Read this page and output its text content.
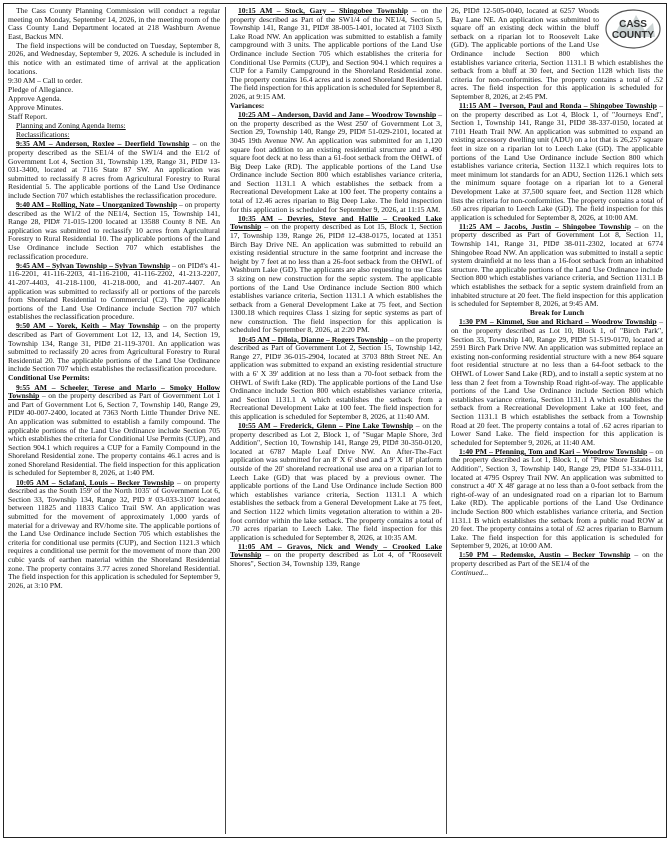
The Cass County Planning Commission will conduct a regular meeting on Monday, September 14, 2026, in the meeting room of the Cass County Land Department located at 218 Washburn Avenue East, Backus MN.

The field inspections will be conducted on Tuesday, September 8, 2026, and Wednesday, September 9, 2026. A schedule is included in this notice with an estimated time of arrival at the application locations.

9:30 AM – Call to order.

Pledge of Allegiance.

Approve Agenda.

Approve Minutes.

Staff Report.

Planning and Zoning Agenda Items:

Reclassifications:

9:35 AM – Anderson, Roxlee – Deerfield Township – on the property described as the SE1/4 of the SW1/4 and the E1/2 of Government Lot 4, Section 31, Township 139, Range 31, PID# 13-031-3400, located at 7116 State 87 SW. An application was submitted to reclassify 8 acres from Agricultural Forestry to Rural Residential 5. The applicable portions of the Land Use Ordinance include Section 707 which establishes the reclassification procedure.

9:40 AM – Rolling, Nate – Unorganized Township – on property described as the W1/2 of the NE1/4, Section 15, Township 141, Range 28, PID# 71-015-1200 located at 13588 County 8 NE. An application was submitted to reclassify 10 acres from Agricultural Forestry to Rural Residential 10. The applicable portions of the Land Use Ordinance include Section 707 which establishes the reclassification procedure.

9:45 AM – Sylvan Township – Sylvan Township – on PID#'s 41-116-2201, 41-116-2203, 41-116-2100, 41-116-2202, 41-213-2207, 41-207-4403, 41-218-1100, 41-218-000, and 41-207-4407. An application was submitted to reclassify all or portions of the parcels from Shoreland Residential to Commercial (C2). The applicable portions of the Land Use Ordinance include Section 707 which establishes the reclassification procedure.

9:50 AM – Yorek, Keith – May Township – on the property described as Part of Government Lot 12, 13, and 14, Section 19, Township 134, Range 31, PID# 21-119-3701. An application was submitted to reclassify 20 acres from Agricultural Forestry to Rural Residential 20. The applicable portions of the Land Use Ordinance include Section 707 which establishes the reclassification procedure.

Conditional Use Permits:

9:55 AM – Scheeler, Terese and Marlo – Smoky Hollow Township – on the property described as Part of Government Lot 1 and Part of Government Lot 6, Section 7, Township 140, Range 29, PID# 40-007-2400, located at 7363 North Little Thunder Drive NE. An application was submitted to establish a family compound. The applicable portions of the Land Use Ordinance include Section 705 which establishes the criteria for Conditional Use Permits (CUP), and Section 904.1 which requires a CUP for a Family Compound in the Shoreland Residential zone. The property contains 46.1 acres and is zoned Shoreland Residential. The field inspection for this application is scheduled for September 8, 2026, at 1:40 PM.

10:05 AM – Sclafani, Louis – Becker Township – on property described as the South 159' of the North 1035' of Government Lot 6, Section 33, Township 134, Range 32, PID # 03-033-3107 located between 11825 and 11833 Calico Trail SW. An application was submitted for the movement of approximately 1,000 yards of material for a driveway and RV/home site. The applicable portions of the Land Use Ordinance include Section 705 which establishes the criteria for conditional use permits (CUP), and Section 1121.3 which requires a conditional use permit for the movement of more than 200 cubic yards of earthen material within the Shoreland Residential zone. The property contains 3.77 acres zoned Shoreland Residential. The field inspection for this application is scheduled for September 9, 2026, at 3:10 PM.

10:15 AM – Stock, Gary – Shingobee Township – on the property described as Part of the SW1/4 of the NE1/4, Section 5, Township 141, Range 31, PID# 38-005-1401, located at 7103 Sixth Lake Road NW. An application was submitted to establish a family campground with 3 units. The applicable portions of the Land Use Ordinance include Section 705 which establishes the criteria for Conditional Use Permits (CUP), and Section 904.1 which requires a CUP for a Family Campground in the Shoreland Residential zone. The property contains 16.4 acres and is zoned Shoreland Residential. The field inspection for this application is scheduled for September 8, 2026, at 9:15 AM.

Variances:

10:25 AM – Anderson, David and Jane – Woodrow Township – on the property described as the West 250' of Government Lot 3, Section 29, Township 140, Range 29, PID# 51-029-2101, located at 3045 19th Avenue NW. An application was submitted for an 1,120 square foot addition to an existing residential structure and a 490 square foot deck at no less than a 61-foot setback from the OHWL of Big Deep Lake (RD). The applicable portions of the Land Use Ordinance include Section 800 which establishes variance criteria, and Section 1131.1 A which establishes the setback from a Recreational Development Lake at 100 feet. The property contains a total of 12.46 acres riparian to Big Deep Lake. The field inspection for this application is scheduled for September 9, 2026, at 11:15 AM.

10:35 AM – Devries, Steve and Hallie – Crooked Lake Township – on the property described as Lot 15, Block 1, Section 17, Township 139, Range 26, PID# 12-438-0175, located at 1351 Birch Bay Drive NE. An application was submitted to rebuild an existing residential structure in the same footprint and increase the height by 7 feet at no less than a 26-foot setback from the OHWL of Washburn Lake (GD). The applicants are also requesting to use Class 3 sizing on new construction for the septic system. The applicable portions of the Land Use Ordinance include Section 800 which establishes variance criteria, Section 1131.1 A which establishes the setback from a General Development Lake at 75 feet, and Section 1300.18 which requires Class 1 sizing for septic systems as part of new construction. The field inspection for this application is scheduled for September 8, 2026, at 2:20 PM.

10:45 AM – Diloia, Dianne – Rogers Township – on the property described as Part of Government Lot 2, Section 15, Township 142, Range 27, PID# 36-015-2904, located at 3703 88th Street NE. An application was submitted to expand an existing residential structure with a 6' X 39' addition at no less than a 70-foot setback from the OHWL of Swift Lake (RD). The applicable portions of the Land Use Ordinance include Section 800 which establishes variance criteria, and Section 1131.1 A which establishes the setback from a Recreational Development Lake at 100 feet. The field inspection for this application is scheduled for September 8, 2026, at 11:40 AM.

10:55 AM – Frederick, Glenn – Pine Lake Township – on the property described as Lot 2, Block 1, of "Sugar Maple Shore, 3rd Addition", Section 10, Township 141, Range 29, PID# 30-350-0120, located at 6787 Maple Leaf Drive NW. An After-The-Fact application was submitted for an 8' X 6' shed and a 9' X 18' platform outside of the 20' shoreland recreational use area on a riparian lot to Leech Lake (GD) that was placed by a previous owner. The applicable portions of the Land Use Ordinance include Section 800 which establishes variance criteria, Section 1131.1 A which establishes the setback from a General Development Lake at 75 feet, and Section 1122 which limits vegetation alteration to within a 20-foot corridor within the lake setback. The property contains a total of .70 acres riparian to Leech Lake. The field inspection for this application is scheduled for September 8, 2026, at 10:35 AM.

11:05 AM – Gravos, Nick and Wendy – Crooked Lake Township – on the property described as Lot 4, of "Roosevelt Shores", Section 34, Township 139, Range

CASS
COUNTY

26, PID# 12-505-0040, located at 6257 Woods Bay Lane NE. An application was submitted to square off an existing deck within the bluff setback on a riparian lot to Roosevelt Lake (GD). The applicable portions of the Land Use Ordinance include Section 800 which establishes variance criteria, Section 1131.1 B which establishes the setback from a bluff at 30 feet, and Section 1128 which lists the criteria for non-conformities. The property contains a total of .52 acres. The field inspection for this application is scheduled for September 8, 2026, at 2:45 PM.

11:15 AM – Iverson, Paul and Ronda – Shingobee Township – on the property described as Lot 4, Block 1, of "Journeys End", Section 1, Township 141, Range 31, PID# 38-337-0150, located at 7101 Heath Trail NW. An application was submitted to expand an existing accessory dwelling unit (ADU) on a lot that is 26,257 square feet in size on a riparian lot to Leech Lake (GD). The applicable portions of the Land Use Ordinance include Section 800 which establishes variance criteria, Section 1132.1 which requires lots to meet minimum lot standards for an ADU, Section 1126.1 which sets the minimum square footage on a riparian lot to a General Development Lake at 37,500 square feet, and Section 1128 which lists the criteria for non-conformities. The property contains a total of .60 acres riparian to Leech Lake (GD). The field inspection for this application is scheduled for September 8, 2026, at 10:00 AM.

11:25 AM – Jacobs, Justin – Shingobee Township – on the property described as Part of Government Lot 8, Section 11, Township 141, Range 31, PID# 38-011-2302, located at 6774 Shingobee Road NW. An application was submitted to install a septic system drainfield at no less than a 16-foot setback from an inhabited structure. The applicable portions of the Land Use Ordinance include Section 800 which establishes variance criteria, and Section 1131.1 B which establishes the setback for a septic system drainfield from an inhabited structure at 20 feet. The field inspection for this application is scheduled for September 8, 2026, at 9:45 AM.

Break for Lunch

1:30 PM – Kimmel, Sue and Richard – Woodrow Township – on the property described as Lot 10, Block 1, of "Birch Park", Section 33, Township 140, Range 29, PID# 51-519-0170, located at 2591 Birch Park Drive NW. An application was submitted replace an existing non-conforming residential structure with a new 864 square foot residential structure at no less than a 64-foot setback to the OHWL of Lower Sand Lake (RD), and to install a septic system at no less than 2 feet from a Township Road right-of-way. The applicable portions of the Land Use Ordinance include Section 800 which establishes variance criteria, Section 1131.1 A which establishes the setback from a Recreational Development Lake at 100 feet, and Section 1131.1 B which establishes the setback from a Township Road at 20 feet. The property contains a total of .62 acres riparian to Lower Sand Lake. The field inspection for this application is scheduled for September 9, 2026, at 11:40 AM.

1:40 PM – Pfenning, Tom and Kari – Woodrow Township – on the property described as Lot 1, Block 1, of "Pine Shore Estates 1st Addition", Section 3, Township 140, Range 29, PID# 51-334-0111, located at 4795 Osprey Trail NW. An application was submitted to construct a 40' X 48' garage at no less than a 0-foot setback from the right-of-way of an undesignated road on a riparian lot to Barnum Lake (RD). The applicable portions of the Land Use Ordinance include Section 800 which establishes variance criteria, and Section 1131.1 B which establishes the setback from a public road ROW at 20 feet. The property contains a total of .62 acres riparian to Barnum Lake. The field inspection for this application is scheduled for September 9, 2026, at 10:00 AM.

1:50 PM – Redemske, Austin – Becker Township – on the property described as Part of the SE1/4 of the

Continued...
